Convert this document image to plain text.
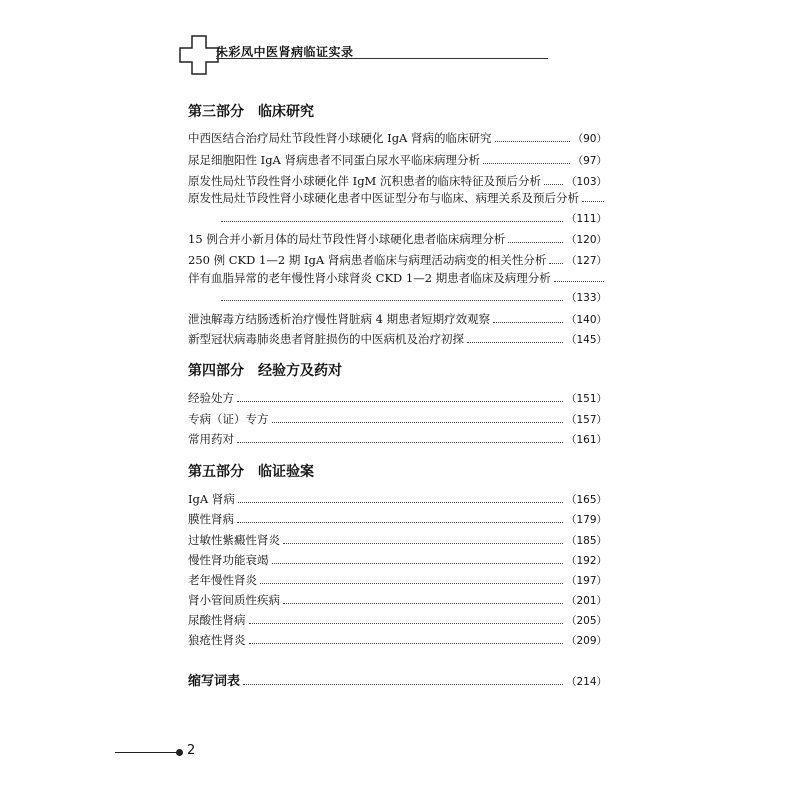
朱彩凤中医肾病临证实录
第三部分　临床研究
中西医结合治疗局灶节段性肾小球硬化 IgA 肾病的临床研究	（90）
尿足细胞阳性 IgA 肾病患者不同蛋白尿水平临床病理分析	（97）
原发性局灶节段性肾小球硬化伴 IgM 沉积患者的临床特征及预后分析 （103）
原发性局灶节段性肾小球硬化患者中医证型分布与临床、病理关系及预后分析
（111）
15 例合并小新月体的局灶节段性肾小球硬化患者临床病理分析	（120）
250 例 CKD 1—2 期 IgA 肾病患者临床与病理活动病变的相关性分析 （127）
伴有血脂异常的老年慢性肾小球肾炎 CKD 1—2 期患者临床及病理分析
（133）
泄浊解毒方结肠透析治疗慢性肾脏病 4 期患者短期疗效观察	（140）
新型冠状病毒肺炎患者肾脏损伤的中医病机及治疗初探	（145）
第四部分　经验方及药对
经验处方	（151）
专病（证）专方	（157）
常用药对	（161）
第五部分　临证验案
IgA 肾病	（165）
膜性肾病	（179）
过敏性紫癜性肾炎	（185）
慢性肾功能衰竭	（192）
老年慢性肾炎	（197）
肾小管间质性疾病	（201）
尿酸性肾病	（205）
狼疮性肾炎	（209）
缩写词表	（214）
2
